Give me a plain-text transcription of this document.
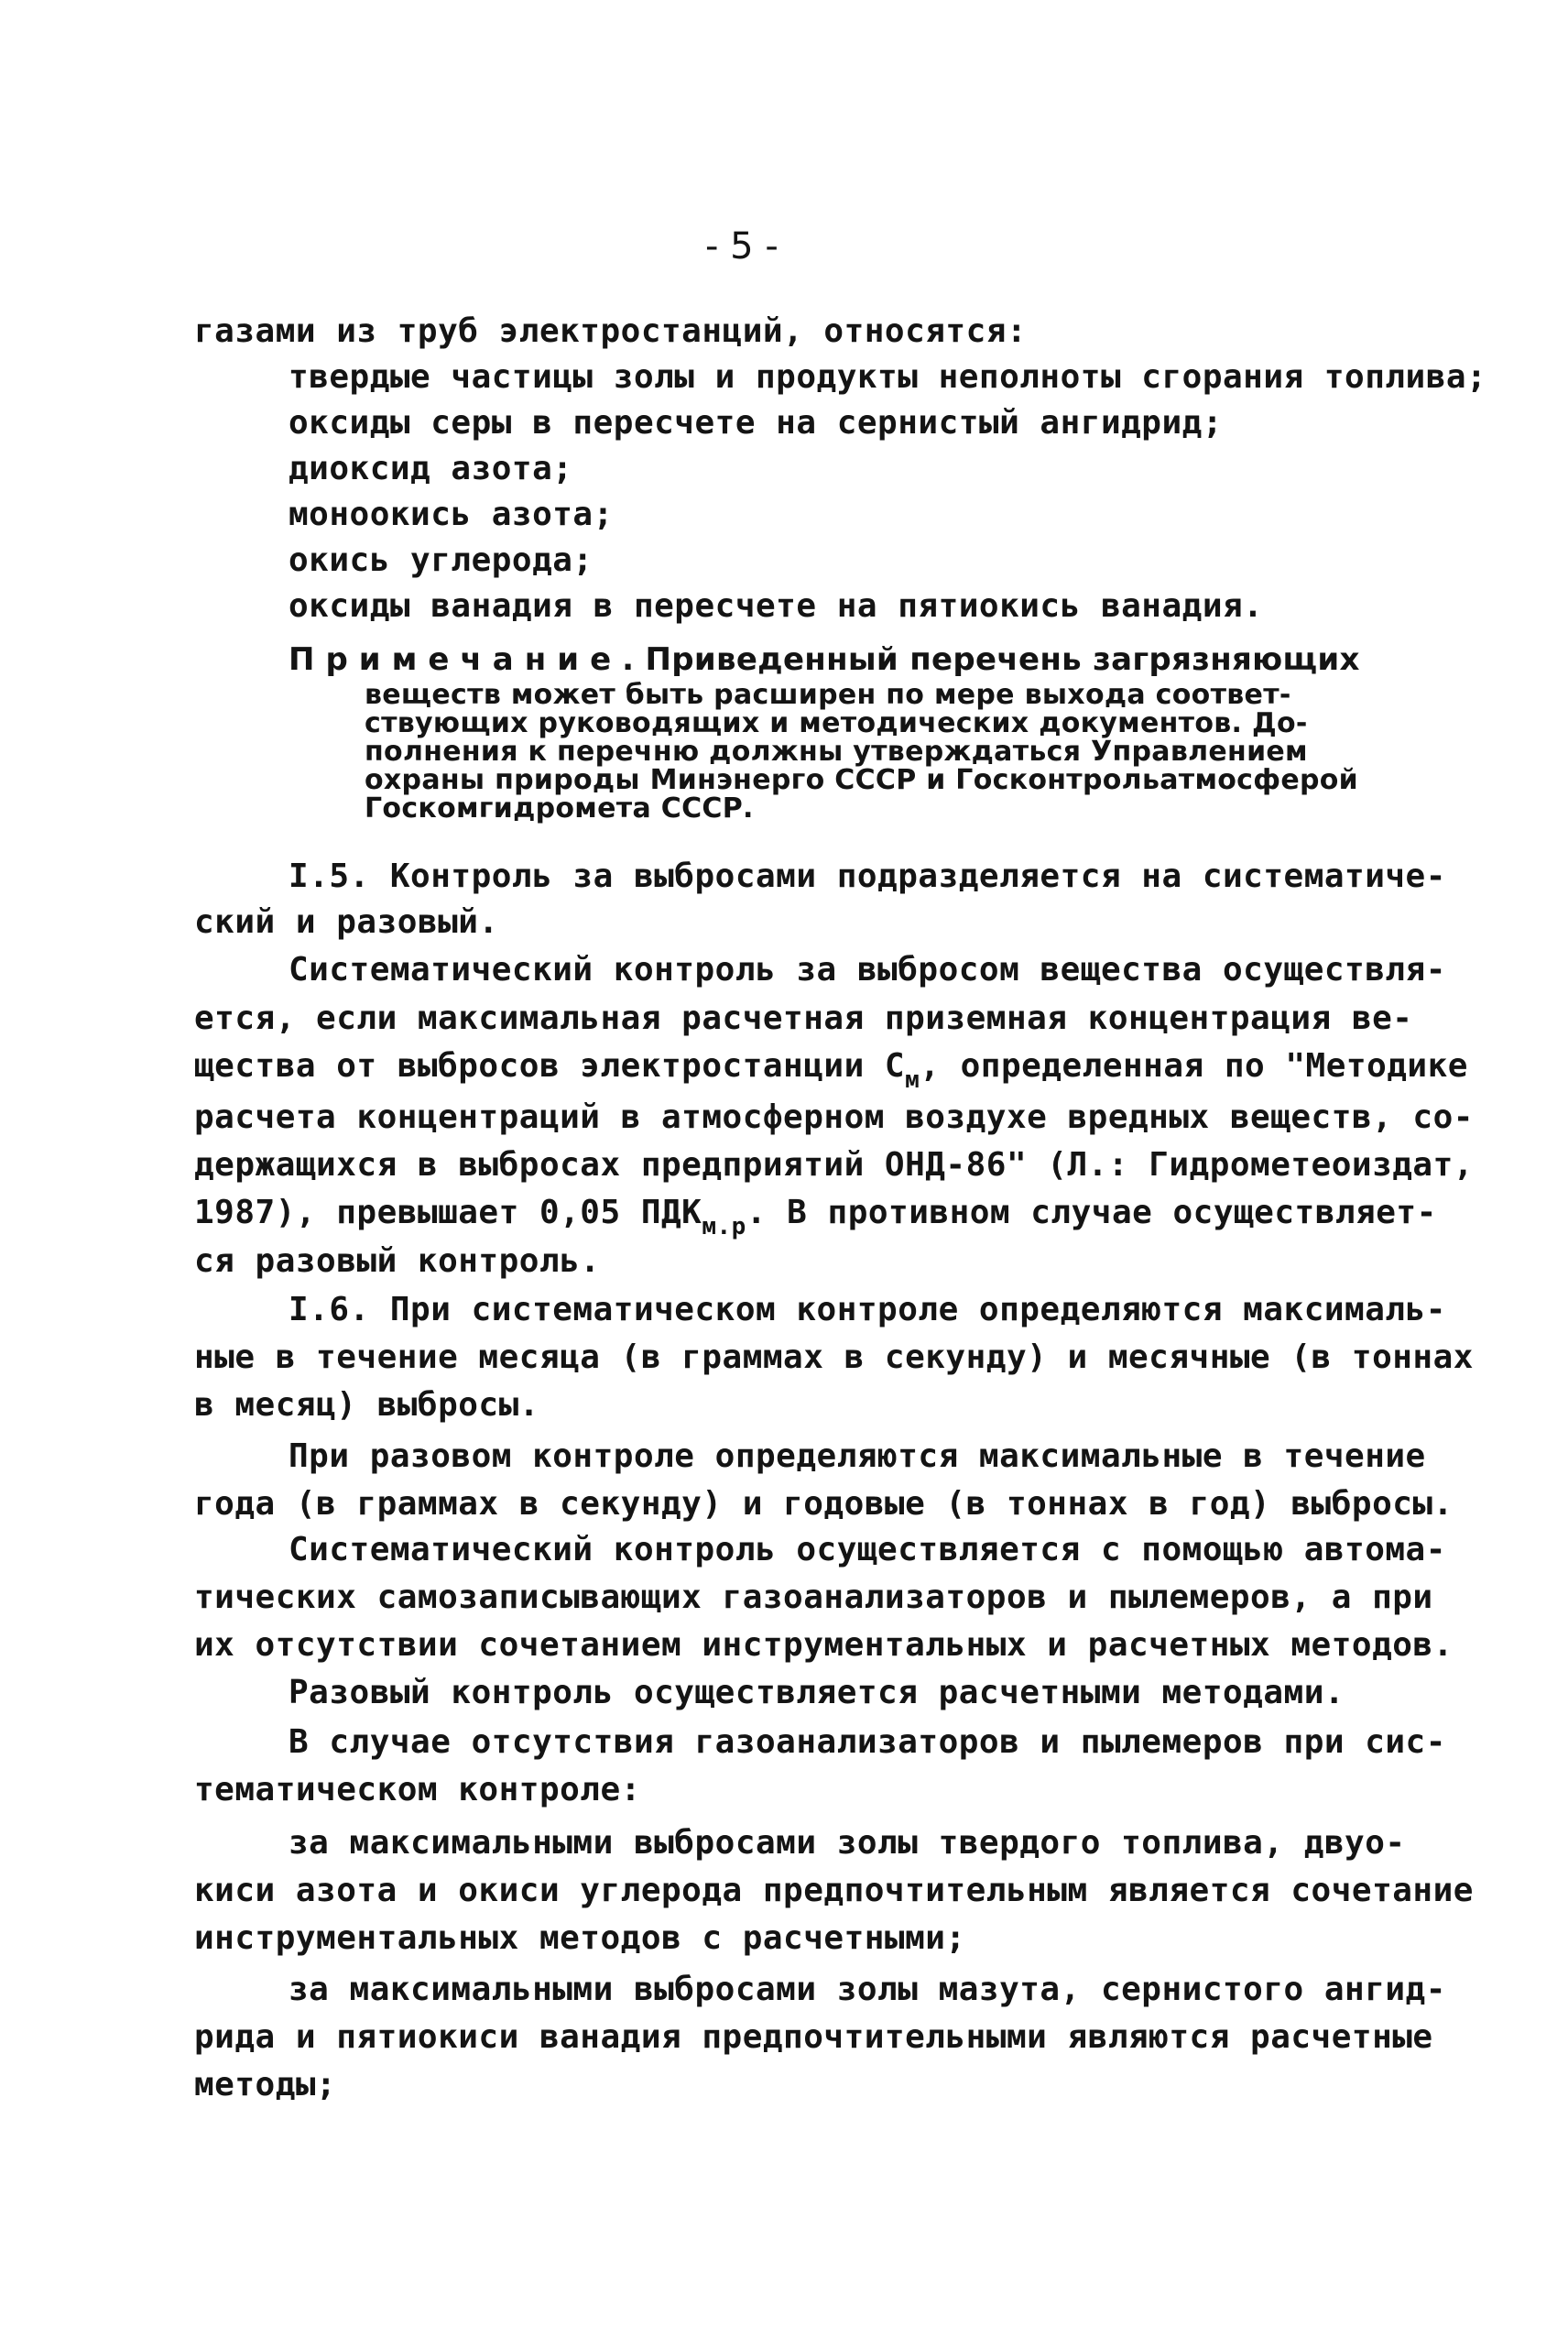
- 5 -
газами из труб электростанций, относятся:
твердые частицы золы и продукты неполноты сгорания топлива;
оксиды серы в пересчете на сернистый ангидрид;
диоксид азота;
моноокись азота;
окись углерода;
оксиды ванадия в пересчете на пятиокись ванадия.
Примечание. Приведенный перечень загрязняющих
веществ может быть расширен по мере выхода соответ-
ствующих руководящих и методических документов. До-
полнения к перечню должны утверждаться Управлением
охраны природы Минэнерго СССР и Госконтрольатмосферой
Госкомгидромета СССР.
I.5. Контроль за выбросами подразделяется на систематиче-
ский и разовый.
Систематический контроль за выбросом вещества осуществля-
ется, если максимальная расчетная приземная концентрация ве-
щества от выбросов электростанции $С_м$, определенная по "Методике
расчета концентраций в атмосферном воздухе вредных веществ, со-
держащихся в выбросах предприятий ОНД-86" (Л.: Гидрометеоиздат,
1987), превышает 0,05 $ПДК_{м.р}$. В противном случае осуществляет-
ся разовый контроль.
I.6. При систематическом контроле определяются максималь-
ные в течение месяца (в граммах в секунду) и месячные (в тоннах
в месяц) выбросы.
При разовом контроле определяются максимальные в течение
года (в граммах в секунду) и годовые (в тоннах в год) выбросы.
Систематический контроль осуществляется с помощью автома-
тических самозаписывающих газоанализаторов и пылемеров, а при
их отсутствии сочетанием инструментальных и расчетных методов.
Разовый контроль осуществляется расчетными методами.
В случае отсутствия газоанализаторов и пылемеров при сис-
тематическом контроле:
за максимальными выбросами золы твердого топлива, двуо-
киси азота и окиси углерода предпочтительным является сочетание
инструментальных методов с расчетными;
за максимальными выбросами золы мазута, сернистого ангид-
рида и пятиокиси ванадия предпочтительными являются расчетные
методы;
